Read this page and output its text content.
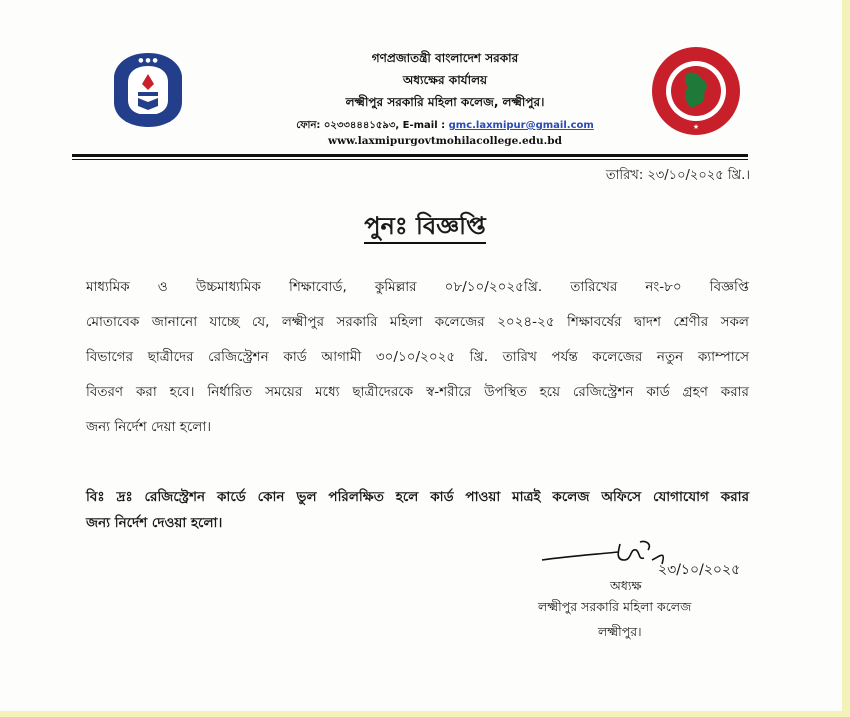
● ● ●
★
গণপ্রজাতন্ত্রী বাংলাদেশ সরকার
অধ্যক্ষের কার্যালয়
লক্ষ্মীপুর সরকারি মহিলা কলেজ, লক্ষ্মীপুর।
ফোন: ০২৩৩৪৪৪১৫৯৩, E-mail : gmc.laxmipur@gmail.com
www.laxmipurgovtmohilacollege.edu.bd
তারিখ: ২৩/১০/২০২৫ খ্রি.।
পুনঃ বিজ্ঞপ্তি
মাধ্যমিক ও উচ্চমাধ্যমিক শিক্ষাবোর্ড, কুমিল্লার ০৮/১০/২০২৫খ্রি. তারিখের নং-৮০ বিজ্ঞপ্তি
মোতাবেক জানানো যাচ্ছে যে, লক্ষ্মীপুর সরকারি মহিলা কলেজের ২০২৪-২৫ শিক্ষাবর্ষের দ্বাদশ শ্রেণীর সকল
বিভাগের ছাত্রীদের রেজিস্ট্রেশন কার্ড আগামী ৩০/১০/২০২৫ খ্রি. তারিখ পর্যন্ত কলেজের নতুন ক্যাম্পাসে
বিতরণ করা হবে। নির্ধারিত সময়ের মধ্যে ছাত্রীদেরকে স্ব-শরীরে উপস্থিত হয়ে রেজিস্ট্রেশন কার্ড গ্রহণ করার
জন্য নির্দেশ দেয়া হলো।
বিঃ দ্রঃ রেজিস্ট্রেশন কার্ডে কোন ভুল পরিলক্ষিত হলে কার্ড পাওয়া মাত্রই কলেজ অফিসে যোগাযোগ করার
জন্য নির্দেশ দেওয়া হলো।
২৩/১০/২০২৫
অধ্যক্ষ
লক্ষ্মীপুর সরকারি মহিলা কলেজ
লক্ষ্মীপুর।
